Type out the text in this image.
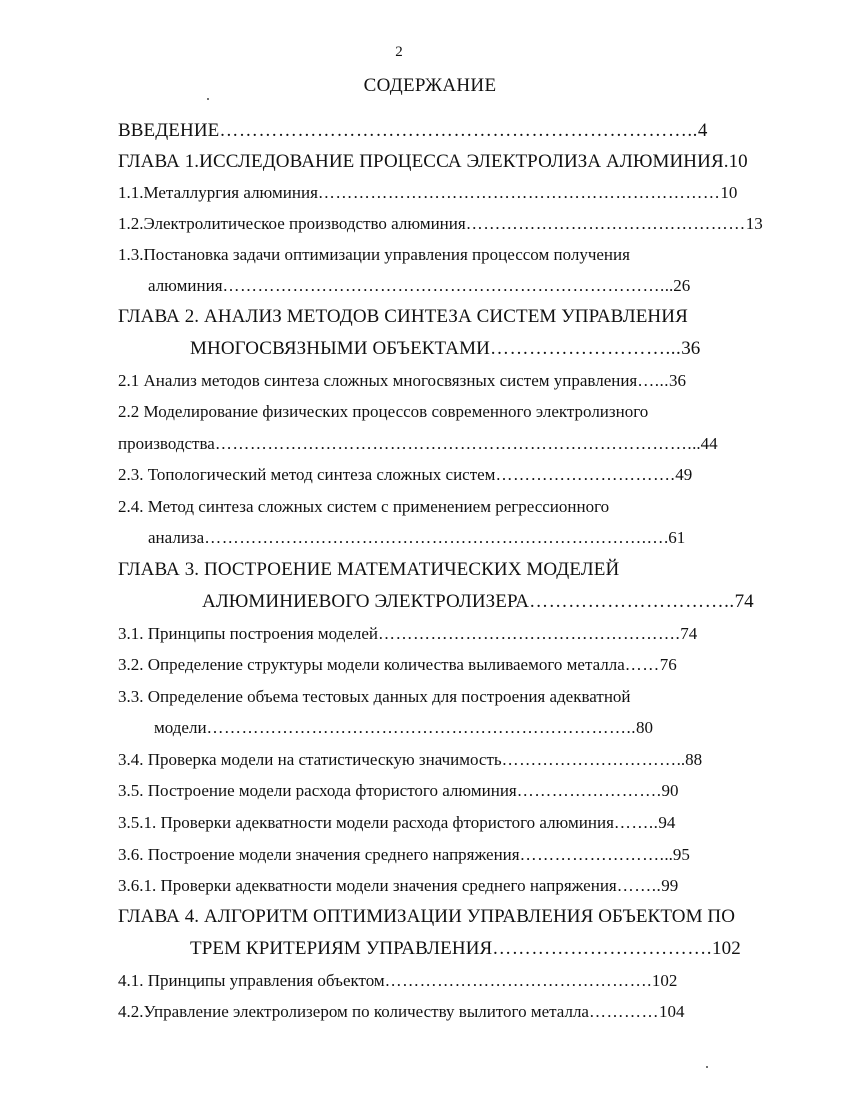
2
СОДЕРЖАНИЕ
ВВЕДЕНИЕ………………………………………………………………..4
ГЛАВА 1.ИССЛЕДОВАНИЕ ПРОЦЕССА ЭЛЕКТРОЛИЗА АЛЮМИНИЯ.10
1.1.Металлургия алюминия……………………………………………………………10
1.2.Электролитическое производство алюминия…………………………………………13
1.3.Постановка задачи оптимизации управления процессом получения
алюминия…………………………………………………………………...26
ГЛАВА 2. АНАЛИЗ МЕТОДОВ СИНТЕЗА СИСТЕМ УПРАВЛЕНИЯ
МНОГОСВЯЗНЫМИ ОБЪЕКТАМИ………………………...36
2.1 Анализ методов синтеза сложных многосвязных систем управления…...36
2.2 Моделирование физических процессов современного электролизного
производства………………………………………………………………………...44
2.3. Топологический метод синтеза сложных систем………………………….49
2.4. Метод синтеза сложных систем с применением регрессионного
анализа………………………………………………………………….….61
ГЛАВА 3. ПОСТРОЕНИЕ МАТЕМАТИЧЕСКИХ МОДЕЛЕЙ
АЛЮМИНИЕВОГО ЭЛЕКТРОЛИЗЕРА…………………………..74
3.1. Принципы построения моделей…………………………………………….74
3.2. Определение структуры модели количества выливаемого металла……76
3.3. Определение объема тестовых данных для построения адекватной
модели………………………………………………………………..80
3.4. Проверка модели на статистическую значимость…………………………..88
3.5. Построение модели расхода фтористого алюминия…………………….90
3.5.1. Проверки адекватности модели расхода фтористого алюминия……..94
3.6. Построение модели значения среднего напряжения……………………...95
3.6.1. Проверки адекватности модели значения среднего напряжения……..99
ГЛАВА 4. АЛГОРИТМ ОПТИМИЗАЦИИ УПРАВЛЕНИЯ ОБЪЕКТОМ ПО
ТРЕМ КРИТЕРИЯМ УПРАВЛЕНИЯ…………………………….102
4.1. Принципы управления объектом……………………………………….102
4.2.Управление электролизером по количеству вылитого металла…………104
